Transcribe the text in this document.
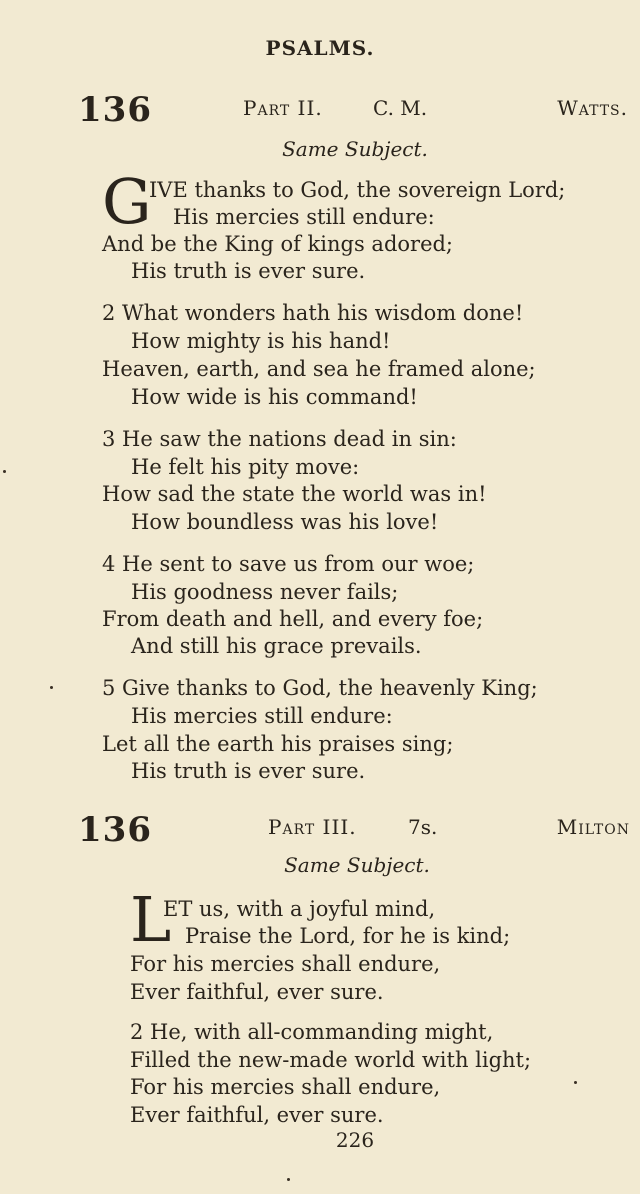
PSALMS.
136	Part II.	C. M.	Watts.
Same Subject.
G
IVE thanks to God, the sovereign Lord;
His mercies still endure:
And be the King of kings adored;
His truth is ever sure.
2 What wonders hath his wisdom done!
How mighty is his hand!
Heaven, earth, and sea he framed alone;
How wide is his command!
3 He saw the nations dead in sin:
He felt his pity move:
How sad the state the world was in!
How boundless was his love!
4 He sent to save us from our woe;
His goodness never fails;
From death and hell, and every foe;
And still his grace prevails.
5 Give thanks to God, the heavenly King;
His mercies still endure:
Let all the earth his praises sing;
His truth is ever sure.
136	Part III.	7s.	Milton
Same Subject.
L
ET us, with a joyful mind,
Praise the Lord, for he is kind;
For his mercies shall endure,
Ever faithful, ever sure.
2 He, with all-commanding might,
Filled the new-made world with light;
For his mercies shall endure,
Ever faithful, ever sure.
226
